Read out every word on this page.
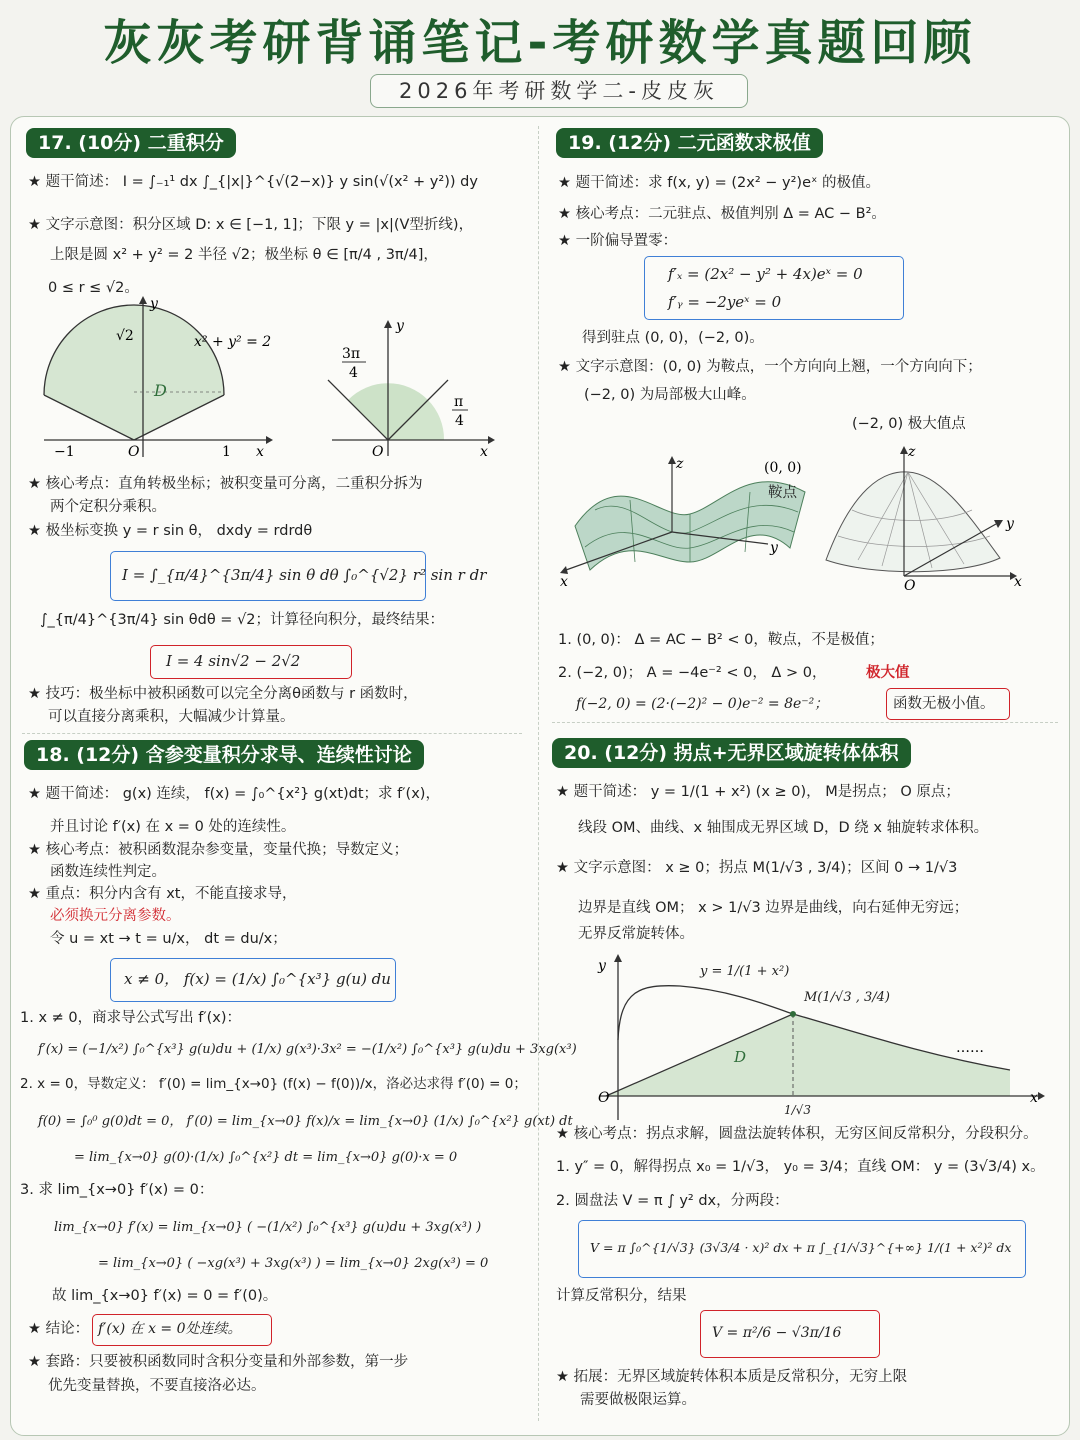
灰灰考研背诵笔记-考研数学真题回顾
2026年考研数学二-皮皮灰
17. (10分) 二重积分
★ 题干简述： I = ∫₋₁¹ dx ∫_{|x|}^{√(2−x)} y sin(√(x² + y²)) dy
★ 文字示意图：积分区域 D: x ∈ [−1, 1]；下限 y = |x|(V型折线)，
上限是圆 x² + y² = 2 半径 √2；极坐标 θ ∈ [π/4 , 3π/4]，
0 ≤ r ≤ √2。
y
√2	x² + y² = 2
D
−1	O	1 x
y
3π
4
π
4
O	x
★ 核心考点：直角转极坐标；被积变量可分离，二重积分拆为
两个定积分乘积。
★ 极坐标变换 y = r sin θ， dxdy = rdrdθ
I = ∫_{π/4}^{3π/4} sin θ dθ ∫₀^{√2} r² sin r dr
∫_{π/4}^{3π/4} sin θdθ = √2；计算径向积分，最终结果：
I = 4 sin√2 − 2√2
★ 技巧：极坐标中被积函数可以完全分离θ函数与 r 函数时，
可以直接分离乘积，大幅减少计算量。
18. (12分) 含参变量积分求导、连续性讨论
★ 题干简述： g(x) 连续， f(x) = ∫₀^{x²} g(xt)dt；求 f′(x)，
并且讨论 f′(x) 在 x = 0 处的连续性。
★ 核心考点：被积函数混杂参变量，变量代换；导数定义；
函数连续性判定。
★ 重点：积分内含有 xt，不能直接求导，
必须换元分离参数。
令 u = xt → t = u/x， dt = du/x；
x ≠ 0， f(x) = (1/x) ∫₀^{x³} g(u) du
1. x ≠ 0，商求导公式写出 f′(x)：
f′(x) = (−1/x²) ∫₀^{x³} g(u)du + (1/x) g(x³)·3x² = −(1/x²) ∫₀^{x³} g(u)du + 3xg(x³)
2. x = 0，导数定义： f′(0) = lim_{x→0} (f(x) − f(0))/x，洛必达求得 f′(0) = 0；
f(0) = ∫₀⁰ g(0)dt = 0， f′(0) = lim_{x→0} f(x)/x = lim_{x→0} (1/x) ∫₀^{x²} g(xt) dt
= lim_{x→0} g(0)·(1/x) ∫₀^{x²} dt = lim_{x→0} g(0)·x = 0
3. 求 lim_{x→0} f′(x) = 0：
lim_{x→0} f′(x) = lim_{x→0} ( −(1/x²) ∫₀^{x³} g(u)du + 3xg(x³) )
= lim_{x→0} ( −xg(x³) + 3xg(x³) ) = lim_{x→0} 2xg(x³) = 0
故 lim_{x→0} f′(x) = 0 = f′(0)。
★ 结论： f′(x) 在 x = 0处连续。
★ 套路：只要被积函数同时含积分变量和外部参数，第一步
优先变量替换，不要直接洛必达。
19. (12分) 二元函数求极值
★ 题干简述：求 f(x, y) = (2x² − y²)eˣ 的极值。
★ 核心考点：二元驻点、极值判别 Δ = AC − B²。
★ 一阶偏导置零：
f′ₓ = (2x² − y² + 4x)eˣ = 0
f′ᵧ = −2yeˣ = 0
得到驻点 (0, 0)，(−2, 0)。
★ 文字示意图：(0, 0) 为鞍点，一个方向向上翘，一个方向向下；
(−2, 0) 为局部极大山峰。
z	(0, 0)
y
x
鞍点
(−2, 0) 极大值点
z
y
O	x
1. (0, 0)： Δ = AC − B² < 0，鞍点，不是极值；
2. (−2, 0)； A = −4e⁻² < 0， Δ > 0，	极大值
f(−2, 0) = (2·(−2)² − 0)e⁻² = 8e⁻²；	函数无极小值。
20. (12分) 拐点+无界区域旋转体体积
★ 题干简述： y = 1/(1 + x²) (x ≥ 0)， M是拐点； O 原点；
线段 OM、曲线、x 轴围成无界区域 D，D 绕 x 轴旋转求体积。
★ 文字示意图： x ≥ 0；拐点 M(1/√3 , 3/4)；区间 0 → 1/√3
边界是直线 OM； x > 1/√3 边界是曲线，向右延伸无穷远；
无界反常旋转体。
y
D	……
O	x
y = 1/(1 + x²)
M(1/√3 , 3/4)
1/√3
★ 核心考点：拐点求解，圆盘法旋转体积，无穷区间反常积分，分段积分。
1. y″ = 0，解得拐点 x₀ = 1/√3， y₀ = 3/4；直线 OM： y = (3√3/4) x。
2. 圆盘法 V = π ∫ y² dx，分两段：
V = π ∫₀^{1/√3} (3√3/4 · x)² dx + π ∫_{1/√3}^{+∞} 1/(1 + x²)² dx
计算反常积分，结果
V = π²/6 − √3π/16
★ 拓展：无界区域旋转体积本质是反常积分，无穷上限
需要做极限运算。
